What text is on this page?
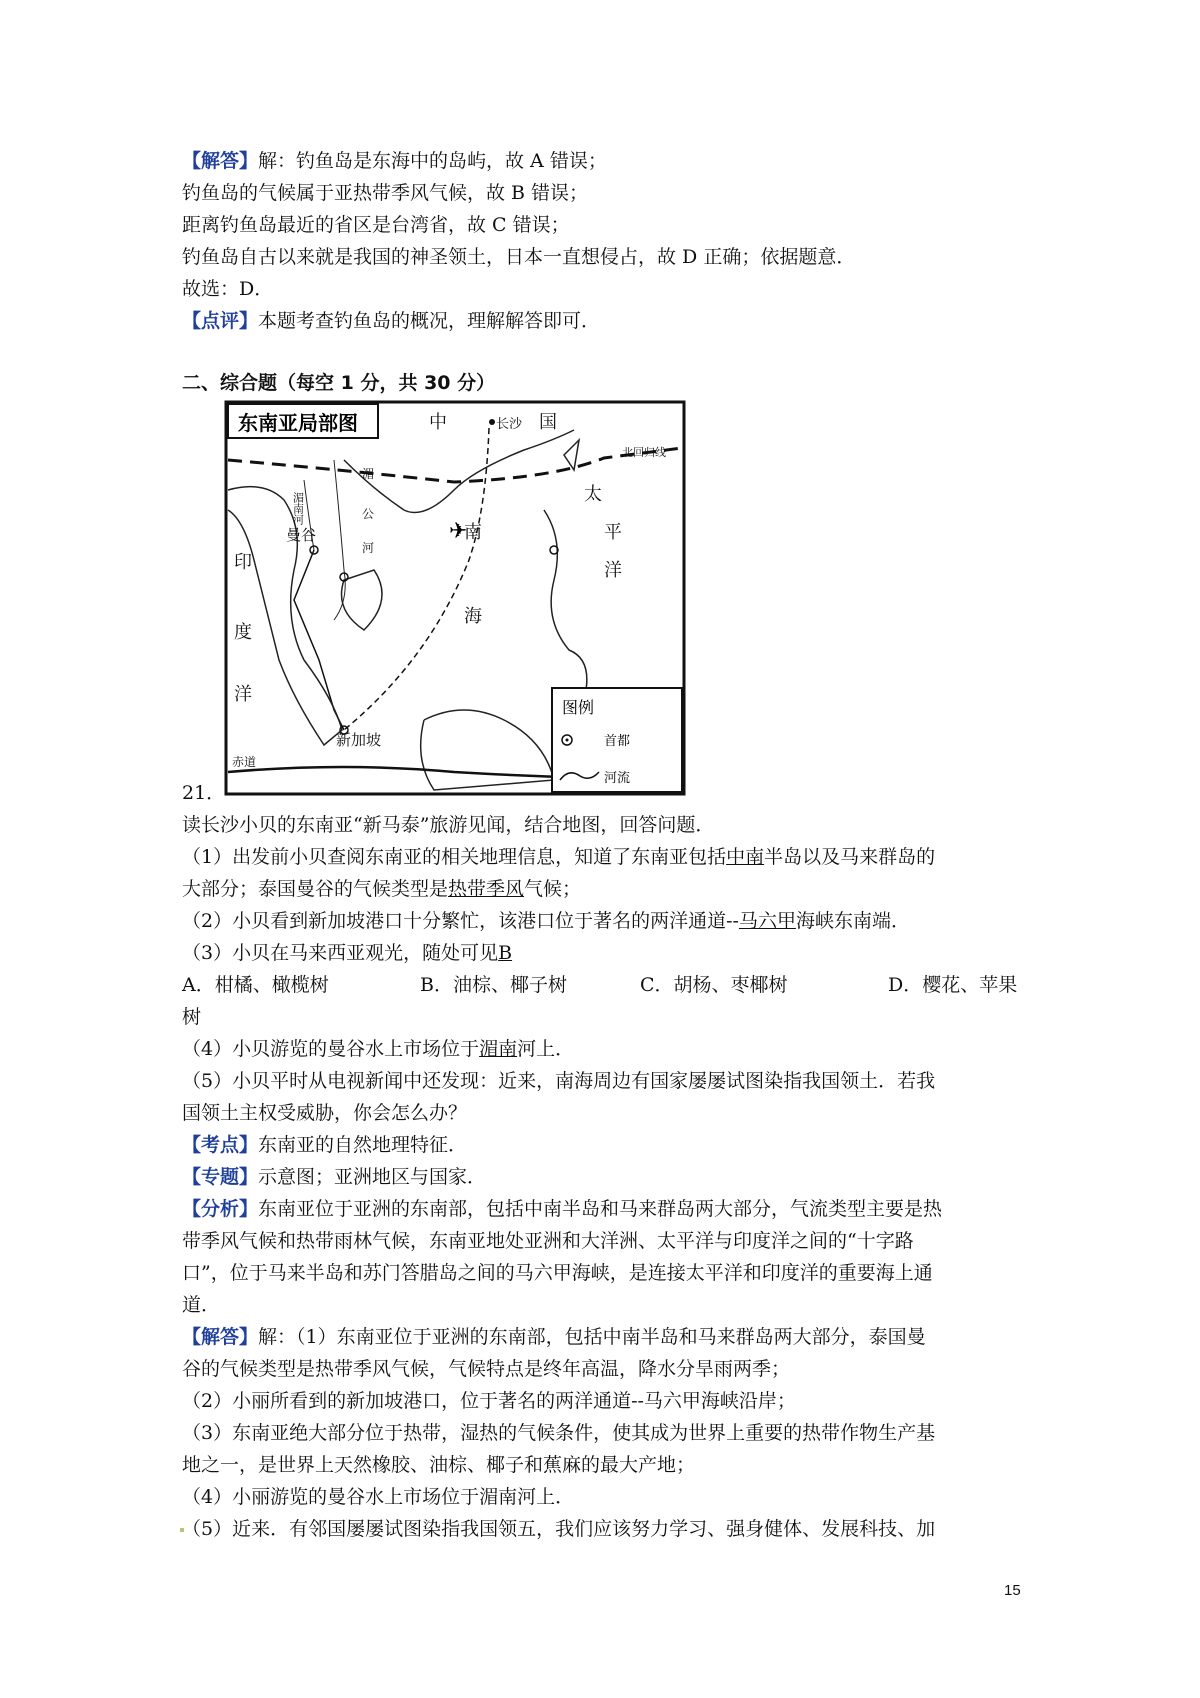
【解答】解：钓鱼岛是东海中的岛屿，故 A 错误；
钓鱼岛的气候属于亚热带季风气候，故 B 错误；
距离钓鱼岛最近的省区是台湾省，故 C 错误；
钓鱼岛自古以来就是我国的神圣领土，日本一直想侵占，故 D 正确；依据题意．
故选：D．
【点评】本题考查钓鱼岛的概况，理解解答即可．
二、综合题（每空 1 分，共 30 分）
东南亚局部图
✈
中	国
长沙
北回归线
太
平
洋
南
海
印
度
洋
曼谷
湄
公
河
湄南河
新加坡
赤道
图例
首都
河流
21．
读长沙小贝的东南亚“新马泰”旅游见闻，结合地图，回答问题．
（1）出发前小贝查阅东南亚的相关地理信息，知道了东南亚包括中南半岛以及马来群岛的
大部分；泰国曼谷的气候类型是热带季风气候；
（2）小贝看到新加坡港口十分繁忙，该港口位于著名的两洋通道--马六甲海峡东南端．
（3）小贝在马来西亚观光，随处可见B
A．柑橘、橄榄树	B．油棕、椰子树	C．胡杨、枣椰树	D．樱花、苹果
树
（4）小贝游览的曼谷水上市场位于湄南河上．
（5）小贝平时从电视新闻中还发现：近来，南海周边有国家屡屡试图染指我国领土．若我
国领土主权受威胁，你会怎么办？
【考点】东南亚的自然地理特征．
【专题】示意图；亚洲地区与国家．
【分析】东南亚位于亚洲的东南部，包括中南半岛和马来群岛两大部分，气流类型主要是热
带季风气候和热带雨林气候，东南亚地处亚洲和大洋洲、太平洋与印度洋之间的“十字路
口”，位于马来半岛和苏门答腊岛之间的马六甲海峡，是连接太平洋和印度洋的重要海上通
道．
【解答】解：（1）东南亚位于亚洲的东南部，包括中南半岛和马来群岛两大部分，泰国曼
谷的气候类型是热带季风气候，气候特点是终年高温，降水分旱雨两季；
（2）小丽所看到的新加坡港口，位于著名的两洋通道--马六甲海峡沿岸；
（3）东南亚绝大部分位于热带，湿热的气候条件，使其成为世界上重要的热带作物生产基
地之一，是世界上天然橡胶、油棕、椰子和蕉麻的最大产地；
（4）小丽游览的曼谷水上市场位于湄南河上．
（5）近来．有邻国屡屡试图染指我国领五，我们应该努力学习、强身健体、发展科技、加
15
